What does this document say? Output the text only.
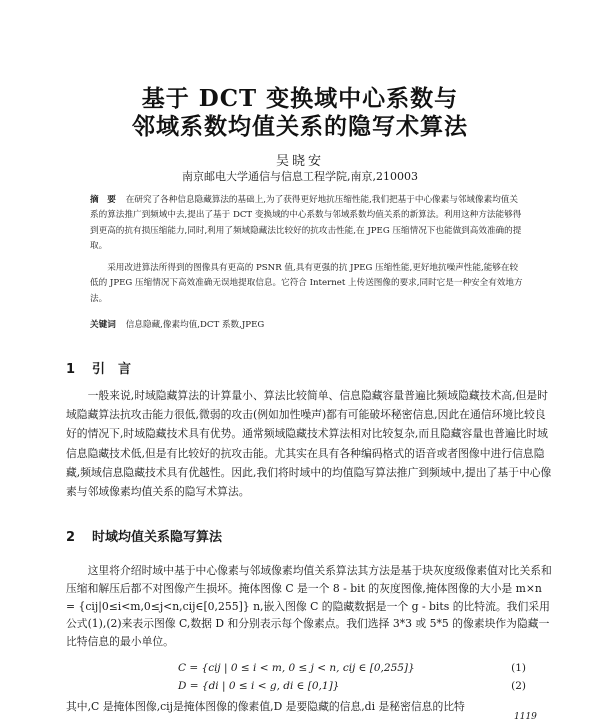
基于 DCT 变换域中心系数与
邻域系数均值关系的隐写术算法
吴晓安
南京邮电大学通信与信息工程学院,南京,210003
摘　要 在研究了各种信息隐藏算法的基础上,为了获得更好地抗压缩性能,我们把基于中心像素与邻域像素均值关系的算法推广到频域中去,提出了基于 DCT 变换域的中心系数与邻域系数均值关系的新算法。利用这种方法能够得到更高的抗有损压缩能力,同时,利用了频域隐藏法比较好的抗攻击性能,在 JPEG 压缩情况下也能做到高效准确的提取。
采用改进算法所得到的图像具有更高的 PSNR 值,具有更强的抗 JPEG 压缩性能,更好地抗噪声性能,能够在较低的 JPEG 压缩情况下高效准确无误地提取信息。它符合 Internet 上传送图像的要求,同时它是一种安全有效地方法。
关键词 信息隐藏,像素均值,DCT 系数,JPEG
1 引　言
一般来说,时域隐藏算法的计算量小、算法比较简单、信息隐藏容量普遍比频域隐藏技术高,但是时域隐藏算法抗攻击能力很低,微弱的攻击(例如加性噪声)都有可能破坏秘密信息,因此在通信环境比较良好的情况下,时域隐藏技术具有优势。通常频域隐藏技术算法相对比较复杂,而且隐藏容量也普遍比时域信息隐藏技术低,但是有比较好的抗攻击能。尤其实在具有各种编码格式的语音或者图像中进行信息隐藏,频域信息隐藏技术具有优越性。因此,我们将时域中的均值隐写算法推广到频域中,提出了基于中心像素与邻域像素均值关系的隐写术算法。
2 时域均值关系隐写算法
这里将介绍时域中基于中心像素与邻域像素均值关系算法其方法是基于块灰度级像素值对比关系和压缩和解压后都不对图像产生损坏。掩体图像 C 是一个 8 - bit 的灰度图像,掩体图像的大小是 m×n = {cij|0≤i<m,0≤j<n,cij∈[0,255]} n,嵌入图像 C 的隐藏数据是一个 g - bits 的比特流。我们采用公式(1),(2)来表示图像 C,数据 D 和分别表示每个像素点。我们选择 3*3 或 5*5 的像素块作为隐藏一比特信息的最小单位。
C = {cij | 0 ≤ i < m, 0 ≤ j < n, cij ∈ [0,255]}	(1)
D = {di | 0 ≤ i < g, di ∈ [0,1]}	(2)
其中,C 是掩体图像,cij是掩体图像的像素值,D 是要隐藏的信息,di 是秘密信息的比特
1119
